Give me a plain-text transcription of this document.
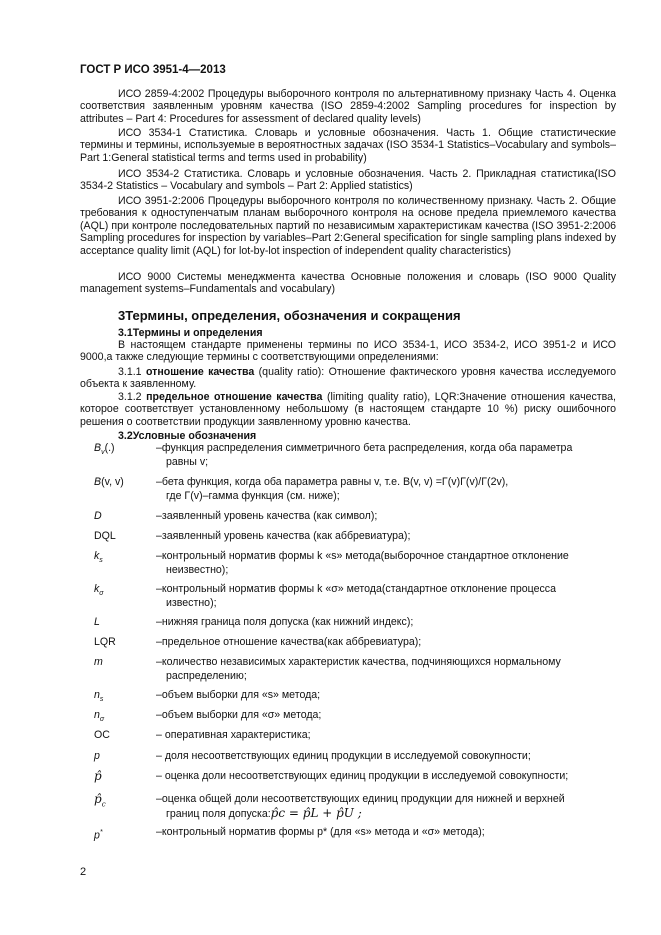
ГОСТ Р ИСО 3951-4—2013
ИСО 2859-4:2002 Процедуры выборочного контроля по альтернативному признаку Часть 4. Оценка соответствия заявленным уровням качества (ISO 2859-4:2002 Sampling procedures for inspection by attributes – Part 4: Procedures for assessment of declared quality levels)
ИСО 3534-1 Статистика. Словарь и условные обозначения. Часть 1. Общие статистические термины и термины, используемые в вероятностных задачах (ISO 3534-1 Statistics–Vocabulary and symbols–Part 1:General statistical terms and terms used in probability)
ИСО 3534-2 Статистика. Словарь и условные обозначения. Часть 2. Прикладная статистика(ISO 3534-2 Statistics – Vocabulary and symbols – Part 2: Applied statistics)
ИСО 3951-2:2006 Процедуры выборочного контроля по количественному признаку. Часть 2. Общие требования к одноступенчатым планам выборочного контроля на основе предела приемлемого качества (AQL) при контроле последовательных партий по независимым характеристикам качества (ISO 3951-2:2006 Sampling procedures for inspection by variables–Part 2:General specification for single sampling plans indexed by acceptance quality limit (AQL) for lot-by-lot inspection of independent quality characteristics)
ИСО 9000 Системы менеджмента качества Основные положения и словарь (ISO 9000 Quality management systems–Fundamentals and vocabulary)
3Термины, определения, обозначения и сокращения
3.1Термины и определения
В настоящем стандарте применены термины по ИСО 3534-1, ИСО 3534-2, ИСО 3951-2 и ИСО 9000,а также следующие термины с соответствующими определениями:
3.1.1 отношение качества (quality ratio): Отношение фактического уровня качества исследуемого объекта к заявленному.
3.1.2 предельное отношение качества (limiting quality ratio), LQR:Значение отношения качества, которое соответствует установленному небольшому (в настоящем стандарте 10 %) риску ошибочного решения о соответствии продукции заявленному уровню качества.
3.2Условные обозначения
$B_v(.)$	–функция распределения симметричного бета распределения, когда оба параметра
равны v;
B(v, v)	–бета функция, когда оба параметра равны v, т.е. B(v, v) =Γ(v)Γ(v)/Γ(2v),
где Γ(v)–гамма функция (см. ниже);
D	–заявленный уровень качества (как символ);
DQL	–заявленный уровень качества (как аббревиатура);
$k_s$	–контрольный норматив формы k «s» метода(выборочное стандартное отклонение
неизвестно);
$k_\sigma$	–контрольный норматив формы k «σ» метода(стандартное отклонение процесса
известно);
L	–нижняя граница поля допуска (как нижний индекс);
LQR	–предельное отношение качества(как аббревиатура);
m	–количество независимых характеристик качества, подчиняющихся нормальному
распределению;
$n_s$	–объем выборки для «s» метода;
$n_\sigma$	–объем выборки для «σ» метода;
OC	– оперативная характеристика;
p	– доля несоответствующих единиц продукции в исследуемой совокупности;
p̂	– оценка доли несоответствующих единиц продукции в исследуемой совокупности;
$p̂_c$	–оценка общей доли несоответствующих единиц продукции для нижней и верхней
границ поля допуска:p̂c = p̂L + p̂U ;
p*	–контрольный норматив формы p* (для «s» метода и «σ» метода);
2
